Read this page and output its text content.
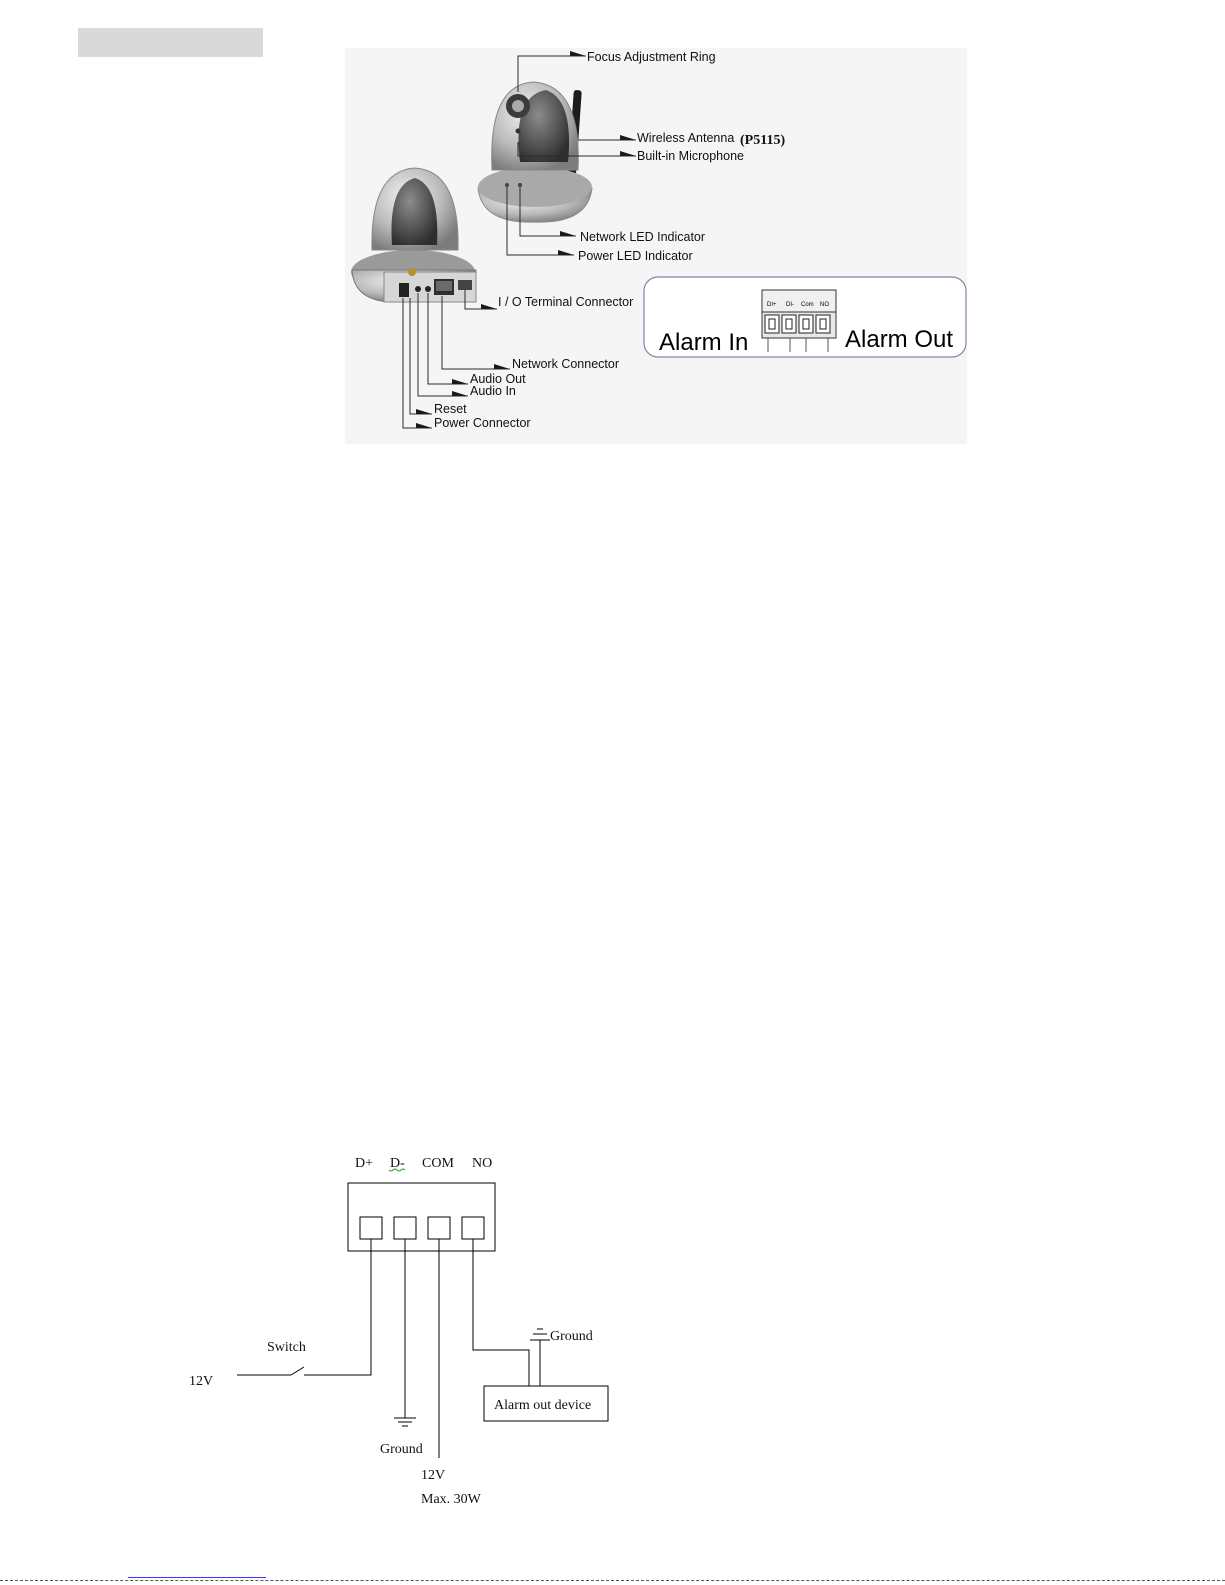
Focus Adjustment Ring
Wireless Antenna (P5115)
Built-in Microphone
Network LED Indicator
Power LED Indicator
I / O Terminal Connector
Network Connector
Audio Out
Audio In
Reset
Power Connector
DI+ DI- Com NO
Alarm In	Alarm Out
D+ D- COM NO
Switch
12V
Ground
Ground
12V
Max. 30W
Alarm out device
